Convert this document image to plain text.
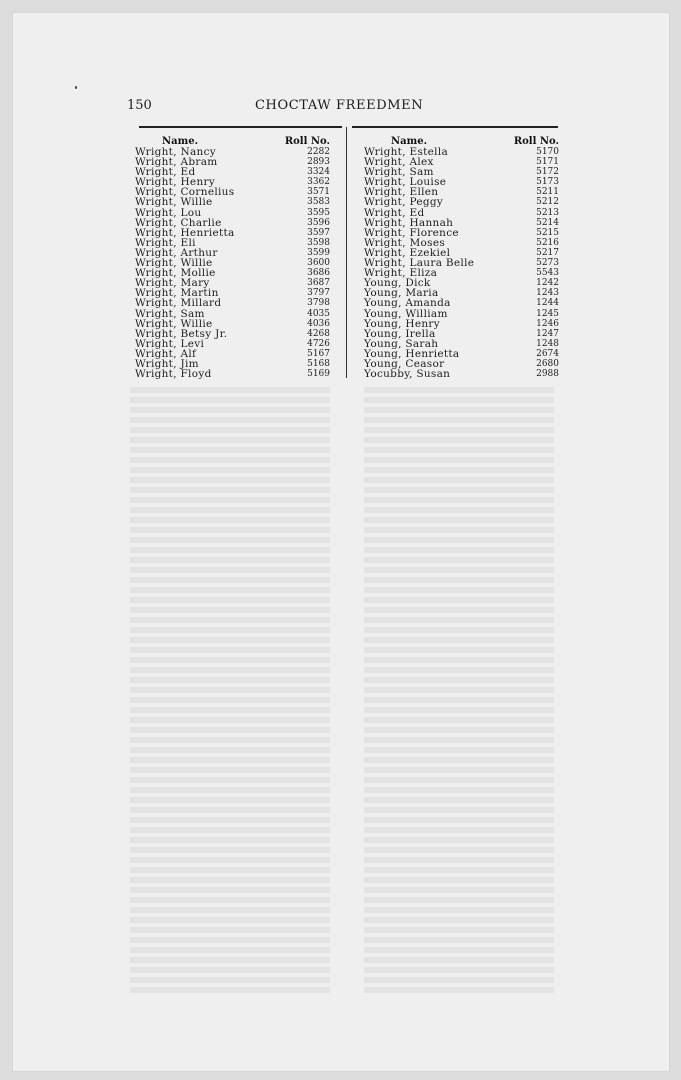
150	CHOCTAW FREEDMEN
Name.	Roll No.
Wright, Nancy	2282
Wright, Abram	2893
Wright, Ed	3324
Wright, Henry	3362
Wright, Cornelius	3571
Wright, Willie	3583
Wright, Lou	3595
Wright, Charlie	3596
Wright, Henrietta	3597
Wright, Eli	3598
Wright, Arthur	3599
Wright, Willie	3600
Wright, Mollie	3686
Wright, Mary	3687
Wright, Martin	3797
Wright, Millard	3798
Wright, Sam	4035
Wright, Willie	4036
Wright, Betsy Jr.	4268
Wright, Levi	4726
Wright, Alf	5167
Wright, Jim	5168
Wright, Floyd	5169
Name.	Roll No.
Wright, Estella	5170
Wright, Alex	5171
Wright, Sam	5172
Wright, Louise	5173
Wright, Ellen	5211
Wright, Peggy	5212
Wright, Ed	5213
Wright, Hannah	5214
Wright, Florence	5215
Wright, Moses	5216
Wright, Ezekiel	5217
Wright, Laura Belle	5273
Wright, Eliza	5543
Young, Dick	1242
Young, Maria	1243
Young, Amanda	1244
Young, William	1245
Young, Henry	1246
Young, Irella	1247
Young, Sarah	1248
Young, Henrietta	2674
Young, Ceasor	2680
Yocubby, Susan	2988
